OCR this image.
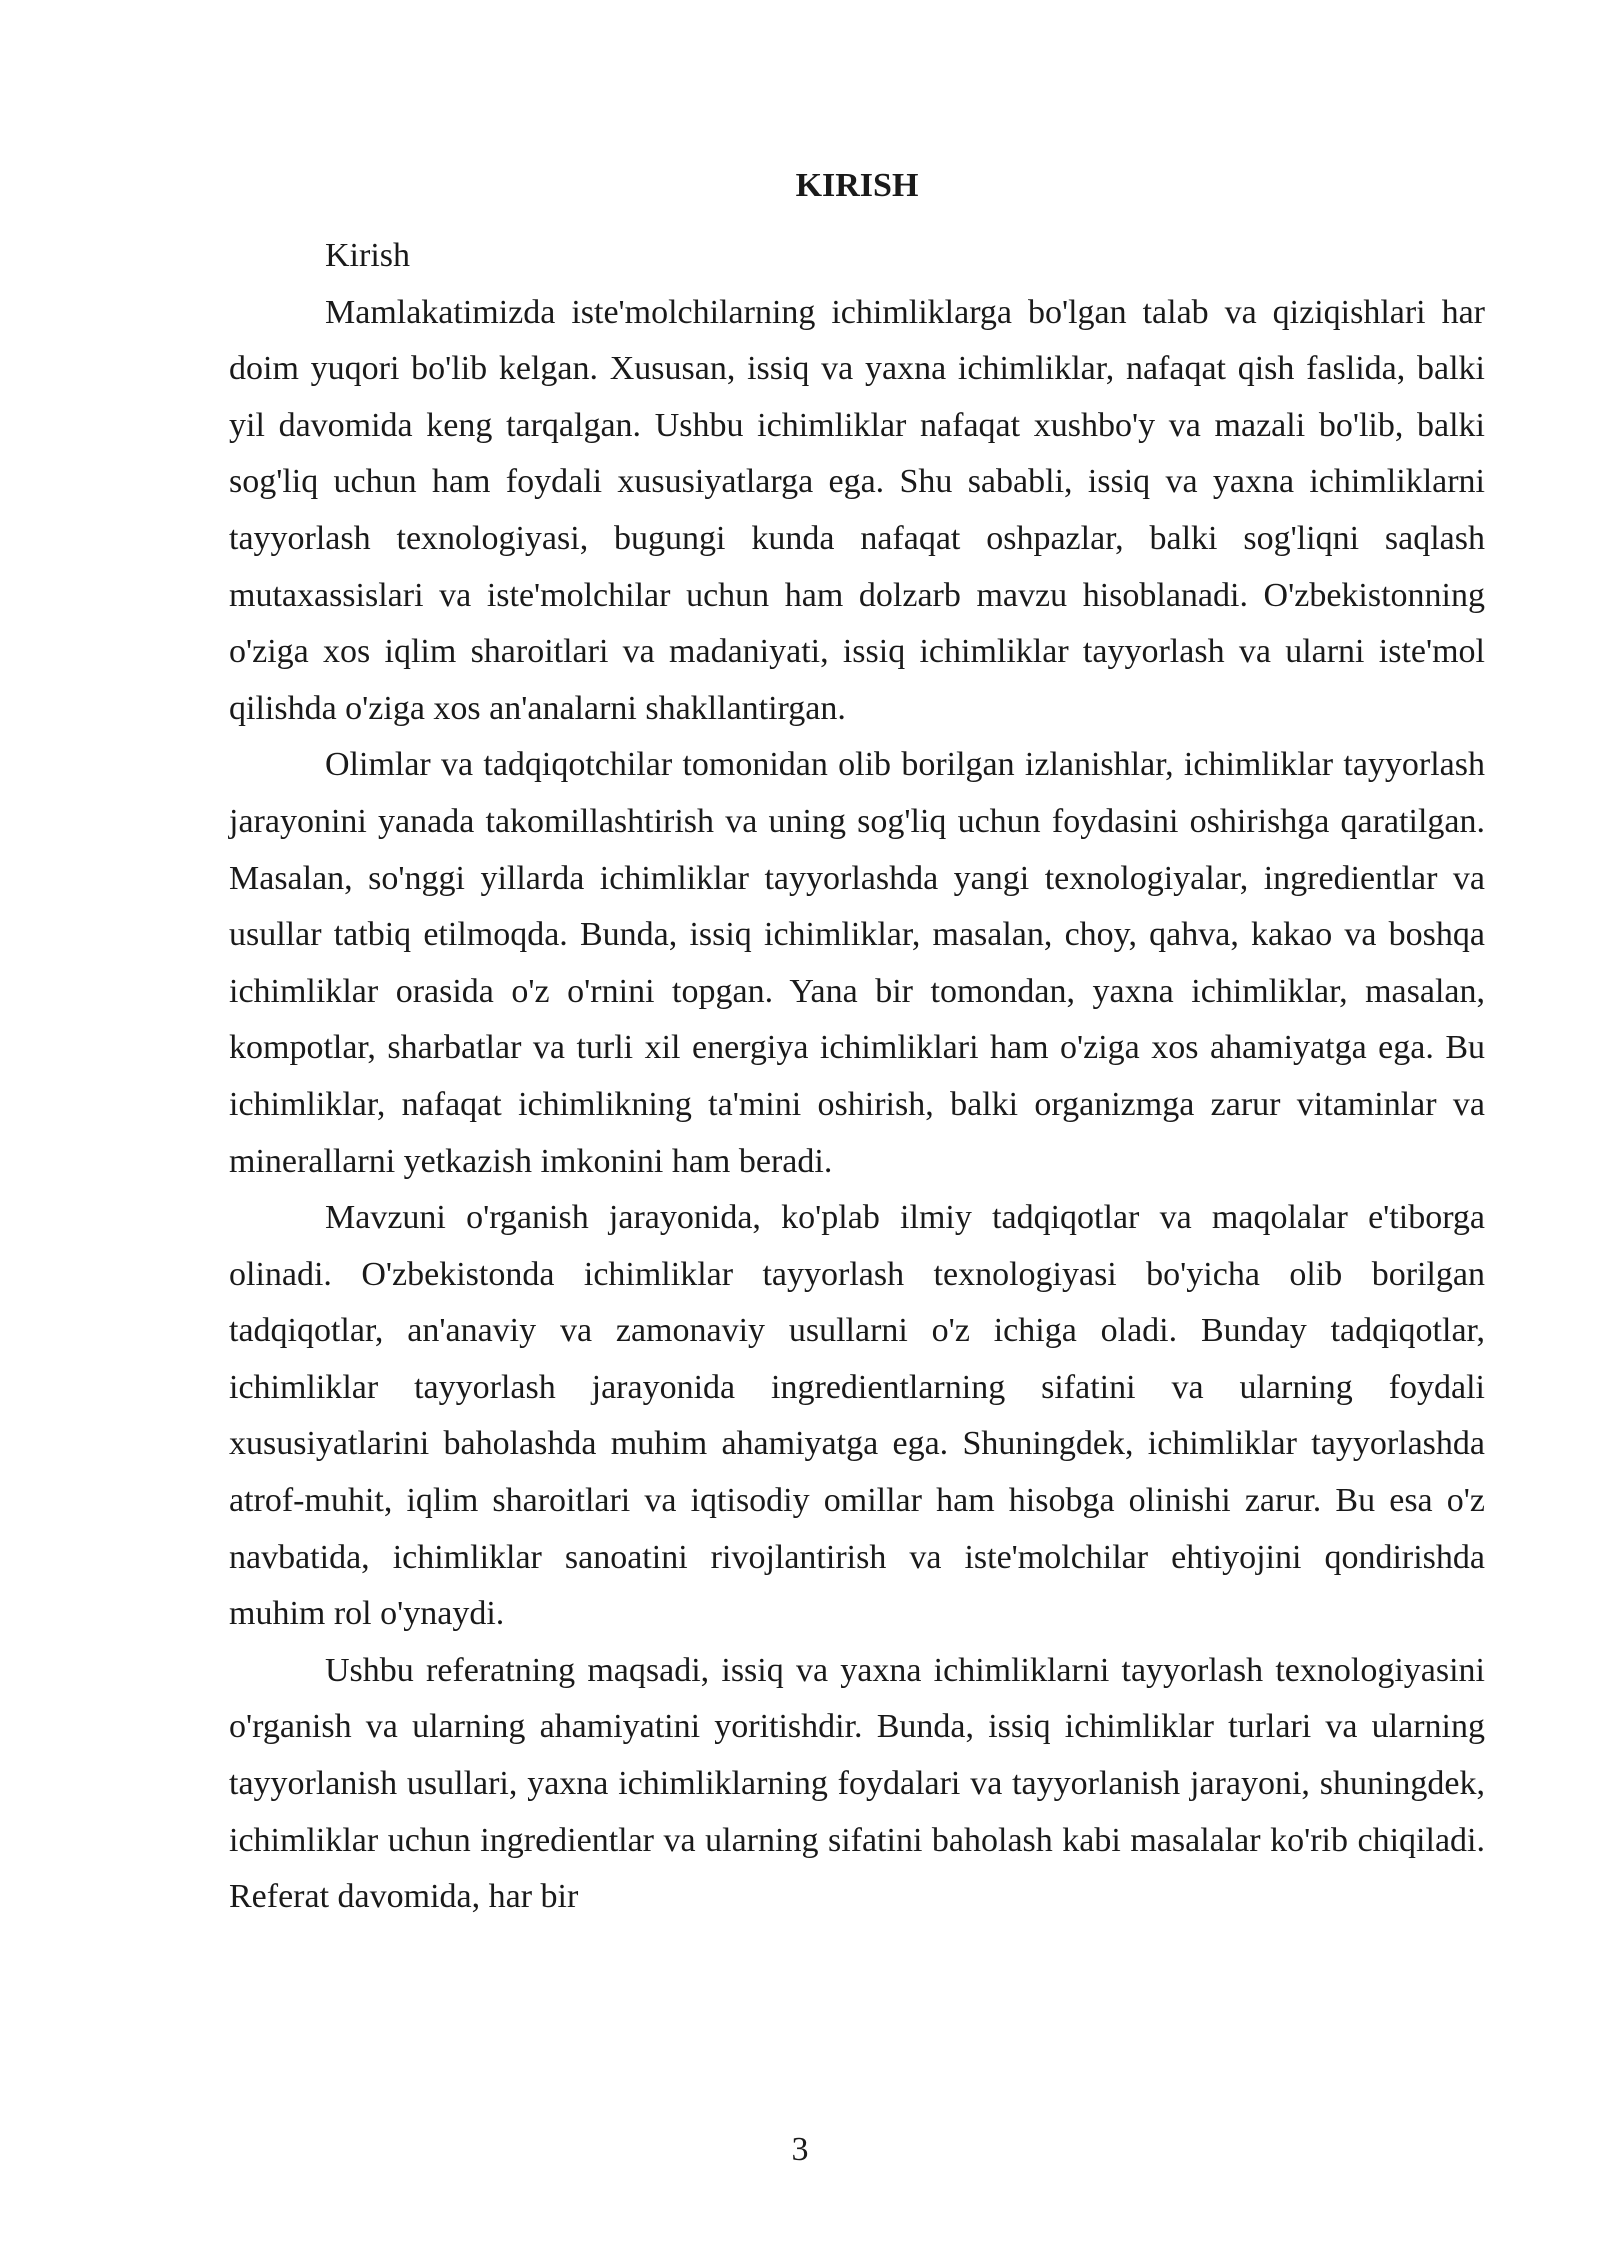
KIRISH

Kirish

Mamlakatimizda iste'molchilarning ichimliklarga bo'lgan talab va qiziqishlari har doim yuqori bo'lib kelgan. Xususan, issiq va yaxna ichimliklar, nafaqat qish faslida, balki yil davomida keng tarqalgan. Ushbu ichimliklar nafaqat xushbo'y va mazali bo'lib, balki sog'liq uchun ham foydali xususiyatlarga ega. Shu sababli, issiq va yaxna ichimliklarni tayyorlash texnologiyasi, bugungi kunda nafaqat oshpazlar, balki sog'liqni saqlash mutaxassislari va iste'molchilar uchun ham dolzarb mavzu hisoblanadi. O'zbekistonning o'ziga xos iqlim sharoitlari va madaniyati, issiq ichimliklar tayyorlash va ularni iste'mol qilishda o'ziga xos an'analarni shakllantirgan.

Olimlar va tadqiqotchilar tomonidan olib borilgan izlanishlar, ichimliklar tayyorlash jarayonini yanada takomillashtirish va uning sog'liq uchun foydasini oshirishga qaratilgan. Masalan, so'nggi yillarda ichimliklar tayyorlashda yangi texnologiyalar, ingredientlar va usullar tatbiq etilmoqda. Bunda, issiq ichimliklar, masalan, choy, qahva, kakao va boshqa ichimliklar orasida o'z o'rnini topgan. Yana bir tomondan, yaxna ichimliklar, masalan, kompotlar, sharbatlar va turli xil energiya ichimliklari ham o'ziga xos ahamiyatga ega. Bu ichimliklar, nafaqat ichimlikning ta'mini oshirish, balki organizmga zarur vitaminlar va minerallarni yetkazish imkonini ham beradi.

Mavzuni o'rganish jarayonida, ko'plab ilmiy tadqiqotlar va maqolalar e'tiborga olinadi. O'zbekistonda ichimliklar tayyorlash texnologiyasi bo'yicha olib borilgan tadqiqotlar, an'anaviy va zamonaviy usullarni o'z ichiga oladi. Bunday tadqiqotlar, ichimliklar tayyorlash jarayonida ingredientlarning sifatini va ularning foydali xususiyatlarini baholashda muhim ahamiyatga ega. Shuningdek, ichimliklar tayyorlashda atrof-muhit, iqlim sharoitlari va iqtisodiy omillar ham hisobga olinishi zarur. Bu esa o'z navbatida, ichimliklar sanoatini rivojlantirish va iste'molchilar ehtiyojini qondirishda muhim rol o'ynaydi.

Ushbu referatning maqsadi, issiq va yaxna ichimliklarni tayyorlash texnologiyasini o'rganish va ularning ahamiyatini yoritishdir. Bunda, issiq ichimliklar turlari va ularning tayyorlanish usullari, yaxna ichimliklarning foydalari va tayyorlanish jarayoni, shuningdek, ichimliklar uchun ingredientlar va ularning sifatini baholash kabi masalalar ko'rib chiqiladi. Referat davomida, har bir

3
